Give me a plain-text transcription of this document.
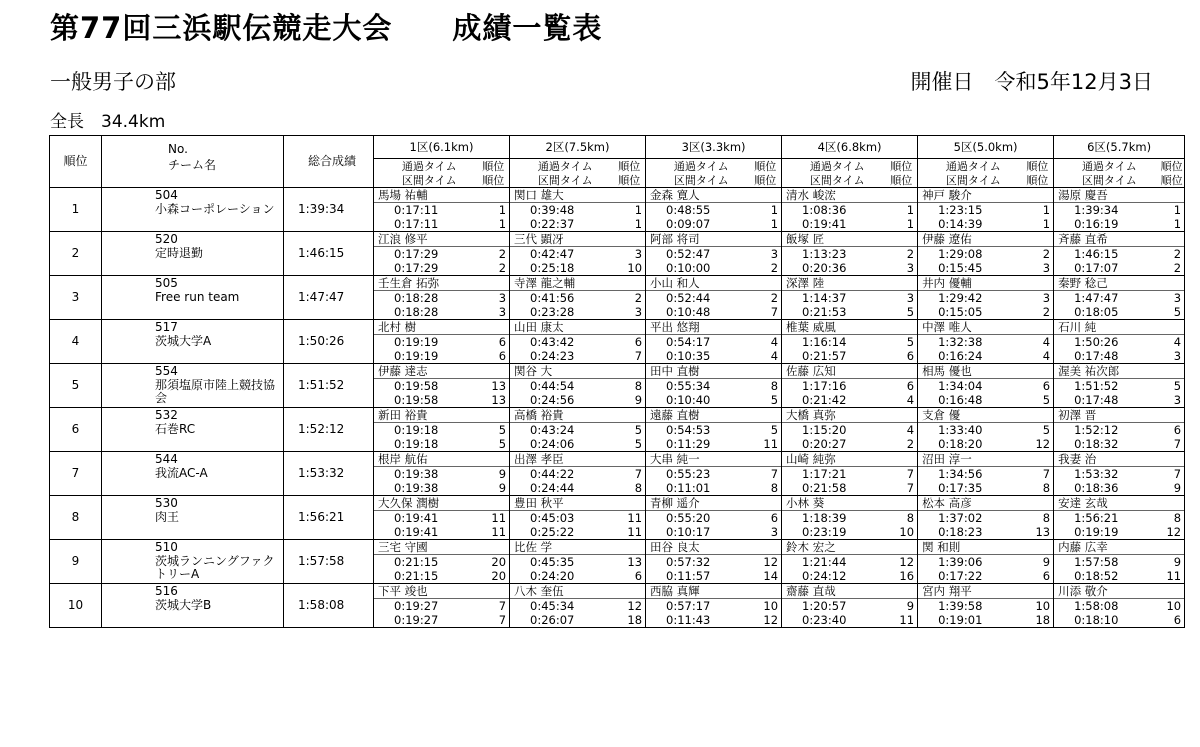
第77回三浜駅伝競走大会　　成績一覧表
一般男子の部	開催日　令和5年12月3日
全長　34.4km
順位	No.	総合成績	1区(6.1km)		2区(7.5km)		3区(3.3km)		4区(6.8km)		5区(5.0km)		6区(5.7km)	
	チーム名		通過タイム	順位	通過タイム	順位	通過タイム	順位	通過タイム	順位	通過タイム	順位	通過タイム	順位
			区間タイム	順位	区間タイム	順位	区間タイム	順位	区間タイム	順位	区間タイム	順位	区間タイム	順位
1	504	1:39:34	馬場 祐輔		関口 雄大		金森 寛人		清水 峻浤		神戸 駿介		湯原 慶吾	
	小森コーポレーション		0:17:11	1	0:39:48	1	0:48:55	1	1:08:36	1	1:23:15	1	1:39:34	1
			0:17:11	1	0:22:37	1	0:09:07	1	0:19:41	1	0:14:39	1	0:16:19	1
2	520	1:46:15	江浪 修平		三代 顕冴		阿部 将司		飯塚 匠		伊藤 遼佑		斉藤 直希	
	定時退勤		0:17:29	2	0:42:47	3	0:52:47	3	1:13:23	2	1:29:08	2	1:46:15	2
			0:17:29	2	0:25:18	10	0:10:00	2	0:20:36	3	0:15:45	3	0:17:07	2
3	505	1:47:47	壬生倉 拓弥		寺澤 龍之輔		小山 和人		深澤 陸		井内 優輔		秦野 稔己	
	Free run team		0:18:28	3	0:41:56	2	0:52:44	2	1:14:37	3	1:29:42	3	1:47:47	3
			0:18:28	3	0:23:28	3	0:10:48	7	0:21:53	5	0:15:05	2	0:18:05	5
4	517	1:50:26	北村 樹		山田 康太		平出 悠翔		椎葉 威風		中澤 唯人		石川 純	
	茨城大学A		0:19:19	6	0:43:42	6	0:54:17	4	1:16:14	5	1:32:38	4	1:50:26	4
			0:19:19	6	0:24:23	7	0:10:35	4	0:21:57	6	0:16:24	4	0:17:48	3
5	554	1:51:52	伊藤 達志		関谷 大		田中 直樹		佐藤 広知		相馬 優也		渥美 祐次郎	
	那須塩原市陸上競技協会		0:19:58	13	0:44:54	8	0:55:34	8	1:17:16	6	1:34:04	6	1:51:52	5
			0:19:58	13	0:24:56	9	0:10:40	5	0:21:42	4	0:16:48	5	0:17:48	3
6	532	1:52:12	新田 裕貴		高橋 裕貴		遠藤 直樹		大橋 真弥		支倉 優		初澤 晋	
	石巻RC		0:19:18	5	0:43:24	5	0:54:53	5	1:15:20	4	1:33:40	5	1:52:12	6
			0:19:18	5	0:24:06	5	0:11:29	11	0:20:27	2	0:18:20	12	0:18:32	7
7	544	1:53:32	根岸 航佑		出澤 孝臣		大串 純一		山崎 純弥		沼田 淳一		我妻 治	
	我流AC-A		0:19:38	9	0:44:22	7	0:55:23	7	1:17:21	7	1:34:56	7	1:53:32	7
			0:19:38	9	0:24:44	8	0:11:01	8	0:21:58	7	0:17:35	8	0:18:36	9
8	530	1:56:21	大久保 潤樹		豊田 秋平		青柳 遥介		小林 葵		松本 高彦		安達 玄哉	
	肉王		0:19:41	11	0:45:03	11	0:55:20	6	1:18:39	8	1:37:02	8	1:56:21	8
			0:19:41	11	0:25:22	11	0:10:17	3	0:23:19	10	0:18:23	13	0:19:19	12
9	510	1:57:58	三宅 守國		比佐 学		田谷 良太		鈴木 宏之		関 和則		内藤 広幸	
	茨城ランニングファクトリーA		0:21:15	20	0:45:35	13	0:57:32	12	1:21:44	12	1:39:06	9	1:57:58	9
			0:21:15	20	0:24:20	6	0:11:57	14	0:24:12	16	0:17:22	6	0:18:52	11
10	516	1:58:08	下平 竣也		八木 奎伍		西脇 真輝		齋藤 直哉		宮内 翔平		川添 敬介	
	茨城大学B		0:19:27	7	0:45:34	12	0:57:17	10	1:20:57	9	1:39:58	10	1:58:08	10
			0:19:27	7	0:26:07	18	0:11:43	12	0:23:40	11	0:19:01	18	0:18:10	6
